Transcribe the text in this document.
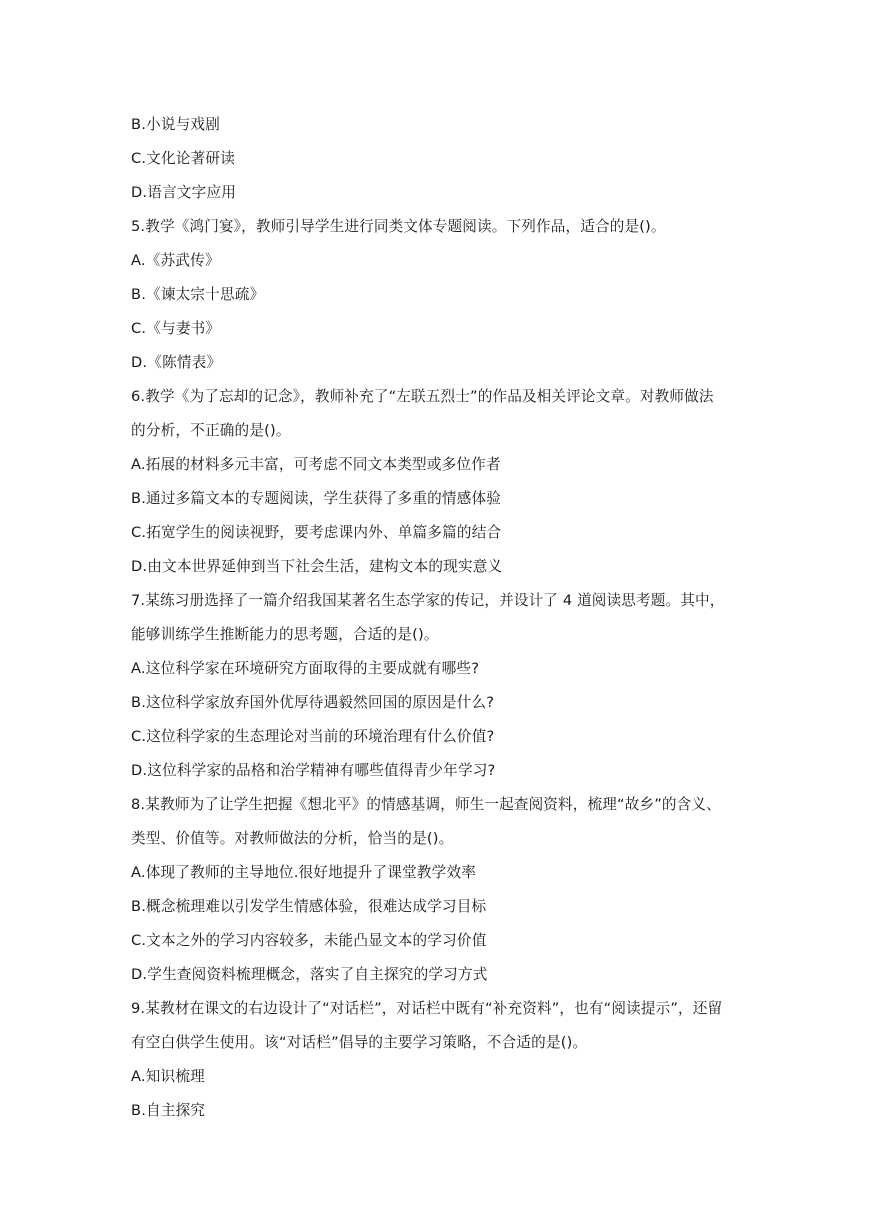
B.小说与戏剧
C.文化论著研读
D.语言文字应用
5.教学《鸿门宴》，教师引导学生进行同类文体专题阅读。下列作品，适合的是()。
A.《苏武传》
B.《谏太宗十思疏》
C.《与妻书》
D.《陈情表》
6.教学《为了忘却的记念》，教师补充了“左联五烈士”的作品及相关评论文章。对教师做法
的分析，不正确的是()。
A.拓展的材料多元丰富，可考虑不同文本类型或多位作者
B.通过多篇文本的专题阅读，学生获得了多重的情感体验
C.拓宽学生的阅读视野，要考虑课内外、单篇多篇的结合
D.由文本世界延伸到当下社会生活，建构文本的现实意义
7.某练习册选择了一篇介绍我国某著名生态学家的传记，并设计了 4 道阅读思考题。其中，
能够训练学生推断能力的思考题，合适的是()。
A.这位科学家在环境研究方面取得的主要成就有哪些?
B.这位科学家放弃国外优厚待遇毅然回国的原因是什么?
C.这位科学家的生态理论对当前的环境治理有什么价值?
D.这位科学家的品格和治学精神有哪些值得青少年学习?
8.某教师为了让学生把握《想北平》的情感基调，师生一起查阅资料，梳理“故乡”的含义、
类型、价值等。对教师做法的分析，恰当的是()。
A.体现了教师的主导地位.很好地提升了课堂教学效率
B.概念梳理难以引发学生情感体验，很难达成学习目标
C.文本之外的学习内容较多，未能凸显文本的学习价值
D.学生查阅资料梳理概念，落实了自主探究的学习方式
9.某教材在课文的右边设计了“对话栏”，对话栏中既有“补充资料”，也有“阅读提示”，还留
有空白供学生使用。该“对话栏”倡导的主要学习策略，不合适的是()。
A.知识梳理
B.自主探究
